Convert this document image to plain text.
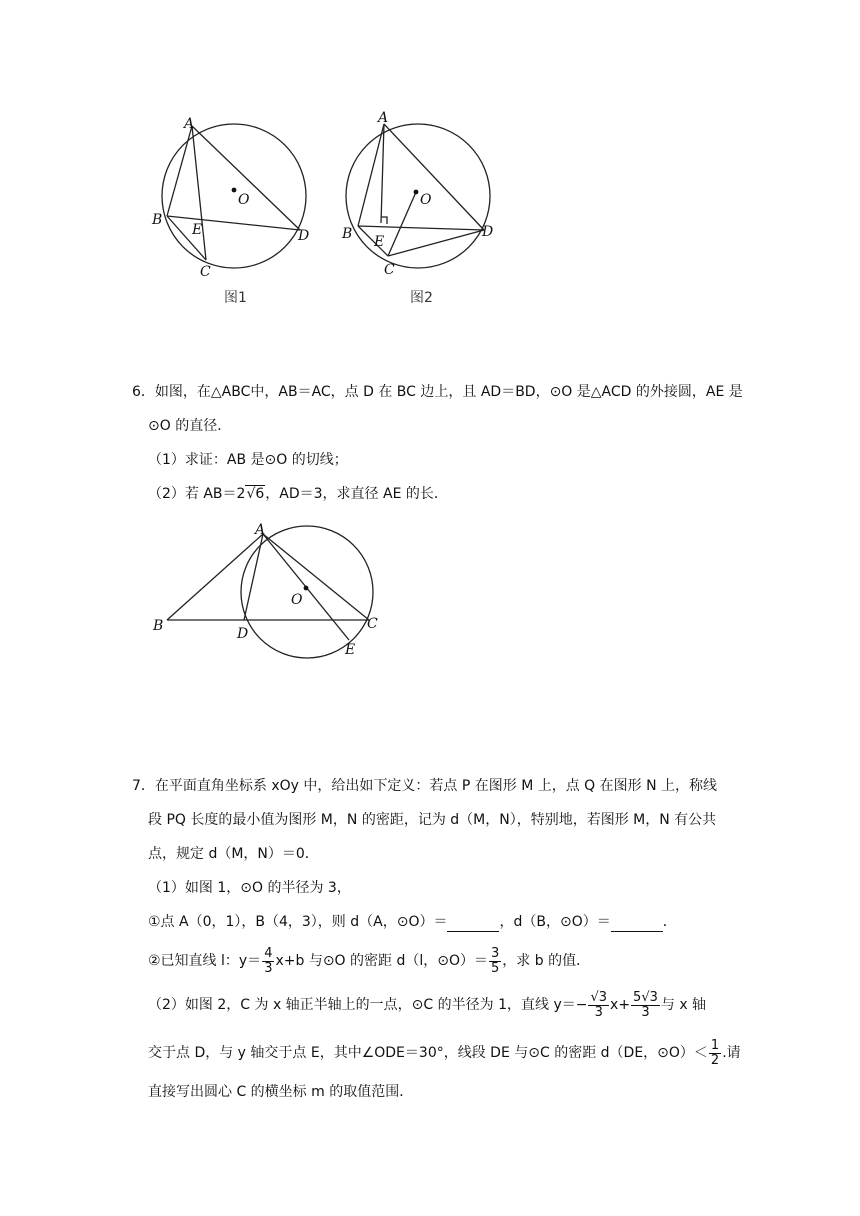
A
B
C
D
E
O
图1
A
B
C
D
E
O
图2
6．如图，在△ABC中，AB＝AC，点 D 在 BC 边上，且 AD＝BD，⊙O 是△ACD 的外接圆，AE 是
⊙O 的直径．
（1）求证：AB 是⊙O 的切线；
（2）若 AB＝2√6，AD＝3，求直径 AE 的长．
A
B	D
C
E
O
7．在平面直角坐标系 xOy 中，给出如下定义：若点 P 在图形 M 上，点 Q 在图形 N 上，称线
段 PQ 长度的最小值为图形 M，N 的密距，记为 d（M，N），特别地，若图形 M，N 有公共
点，规定 d（M，N）＝0．
（1）如图 1，⊙O 的半径为 3，
①点 A（0，1），B（4，3），则 d（A，⊙O）＝	，d（B，⊙O）＝	．
②已知直线 l：$y= \frac{4}{3} x+b$ 与⊙O 的密距 d（l，⊙O）＝ $\frac{3}{5}$ ，求 b 的值．
（2）如图 2，C 为 x 轴正半轴上的一点，⊙C 的半径为 1，直线 $y=- \frac{√3}{3} x+ \frac{5√3}{3}$ 与 x 轴
交于点 D，与 y 轴交于点 E，其中∠ODE＝30°，线段 DE 与⊙C 的密距 d（DE，⊙O）＜ $\frac{1}{2}$ .请
直接写出圆心 C 的横坐标 m 的取值范围．
